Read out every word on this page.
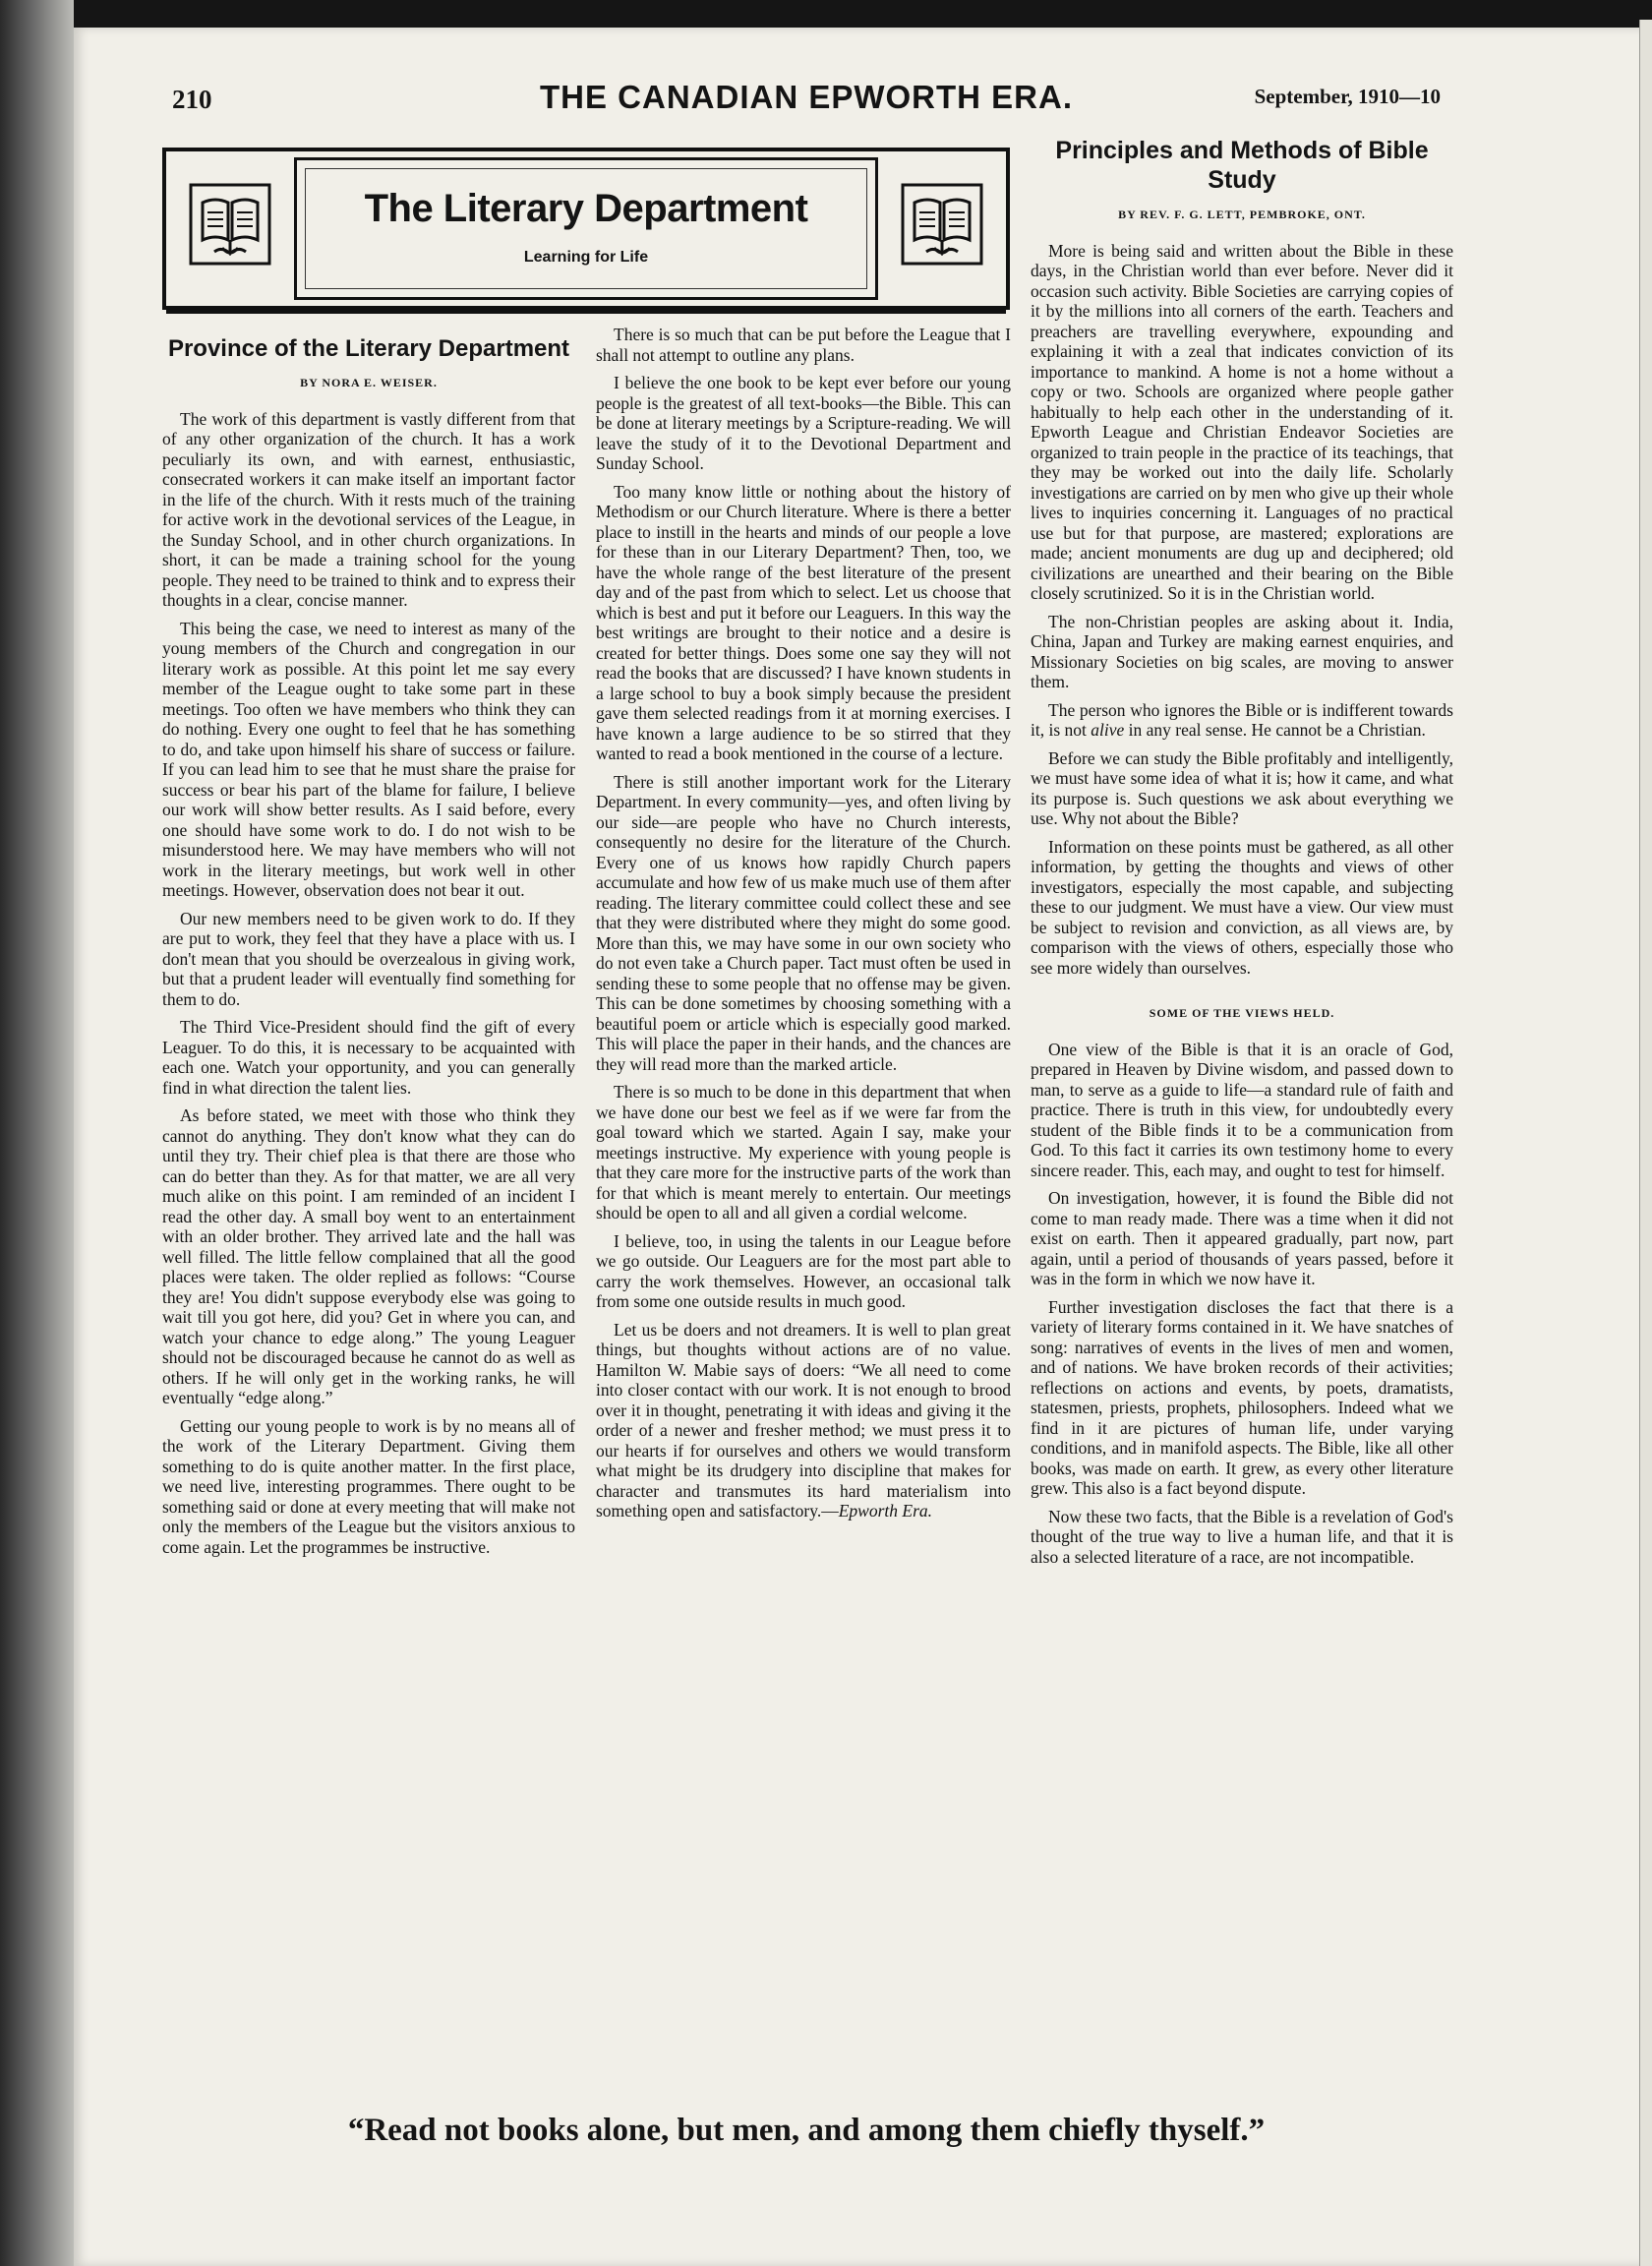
210	THE CANADIAN EPWORTH ERA.	September, 1910—10
The Literary Department
Learning for Life
Province of the Literary Department
BY NORA E. WEISER.

The work of this department is vastly different from that of any other organization of the church. It has a work peculiarly its own, and with earnest, enthusiastic, consecrated workers it can make itself an important factor in the life of the church. With it rests much of the training for active work in the devotional services of the League, in the Sunday School, and in other church organizations. In short, it can be made a training school for the young people. They need to be trained to think and to express their thoughts in a clear, concise manner.

This being the case, we need to interest as many of the young members of the Church and congregation in our literary work as possible. At this point let me say every member of the League ought to take some part in these meetings. Too often we have members who think they can do nothing. Every one ought to feel that he has something to do, and take upon himself his share of success or failure. If you can lead him to see that he must share the praise for success or bear his part of the blame for failure, I believe our work will show better results. As I said before, every one should have some work to do. I do not wish to be misunderstood here. We may have members who will not work in the literary meetings, but work well in other meetings. However, observation does not bear it out.

Our new members need to be given work to do. If they are put to work, they feel that they have a place with us. I don't mean that you should be overzealous in giving work, but that a prudent leader will eventually find something for them to do.

The Third Vice-President should find the gift of every Leaguer. To do this, it is necessary to be acquainted with each one. Watch your opportunity, and you can generally find in what direction the talent lies.

As before stated, we meet with those who think they cannot do anything. They don't know what they can do until they try. Their chief plea is that there are those who can do better than they. As for that matter, we are all very much alike on this point. I am reminded of an incident I read the other day. A small boy went to an entertainment with an older brother. They arrived late and the hall was well filled. The little fellow complained that all the good places were taken. The older replied as follows: “Course they are! You didn't suppose everybody else was going to wait till you got here, did you? Get in where you can, and watch your chance to edge along.” The young Leaguer should not be discouraged because he cannot do as well as others. If he will only get in the working ranks, he will eventually “edge along.”

Getting our young people to work is by no means all of the work of the Literary Department. Giving them something to do is quite another matter. In the first place, we need live, interesting programmes. There ought to be something said or done at every meeting that will make not only the members of the League but the visitors anxious to come again. Let the programmes be instructive.

There is so much that can be put before the League that I shall not attempt to outline any plans.

I believe the one book to be kept ever before our young people is the greatest of all text-books—the Bible. This can be done at literary meetings by a Scripture-reading. We will leave the study of it to the Devotional Department and Sunday School.

Too many know little or nothing about the history of Methodism or our Church literature. Where is there a better place to instill in the hearts and minds of our people a love for these than in our Literary Department? Then, too, we have the whole range of the best literature of the present day and of the past from which to select. Let us choose that which is best and put it before our Leaguers. In this way the best writings are brought to their notice and a desire is created for better things. Does some one say they will not read the books that are discussed? I have known students in a large school to buy a book simply because the president gave them selected readings from it at morning exercises. I have known a large audience to be so stirred that they wanted to read a book mentioned in the course of a lecture.

There is still another important work for the Literary Department. In every community—yes, and often living by our side—are people who have no Church interests, consequently no desire for the literature of the Church. Every one of us knows how rapidly Church papers accumulate and how few of us make much use of them after reading. The literary committee could collect these and see that they were distributed where they might do some good. More than this, we may have some in our own society who do not even take a Church paper. Tact must often be used in sending these to some people that no offense may be given. This can be done sometimes by choosing something with a beautiful poem or article which is especially good marked. This will place the paper in their hands, and the chances are they will read more than the marked article.

There is so much to be done in this department that when we have done our best we feel as if we were far from the goal toward which we started. Again I say, make your meetings instructive. My experience with young people is that they care more for the instructive parts of the work than for that which is meant merely to entertain. Our meetings should be open to all and all given a cordial welcome.

I believe, too, in using the talents in our League before we go outside. Our Leaguers are for the most part able to carry the work themselves. However, an occasional talk from some one outside results in much good.

Let us be doers and not dreamers. It is well to plan great things, but thoughts without actions are of no value. Hamilton W. Mabie says of doers: “We all need to come into closer contact with our work. It is not enough to brood over it in thought, penetrating it with ideas and giving it the order of a newer and fresher method; we must press it to our hearts if for ourselves and others we would transform what might be its drudgery into discipline that makes for character and transmutes its hard materialism into something open and satisfactory.—Epworth Era.

Principles and Methods of Bible Study
BY REV. F. G. LETT, PEMBROKE, ONT.

More is being said and written about the Bible in these days, in the Christian world than ever before. Never did it occasion such activity. Bible Societies are carrying copies of it by the millions into all corners of the earth. Teachers and preachers are travelling everywhere, expounding and explaining it with a zeal that indicates conviction of its importance to mankind. A home is not a home without a copy or two. Schools are organized where people gather habitually to help each other in the understanding of it. Epworth League and Christian Endeavor Societies are organized to train people in the practice of its teachings, that they may be worked out into the daily life. Scholarly investigations are carried on by men who give up their whole lives to inquiries concerning it. Languages of no practical use but for that purpose, are mastered; explorations are made; ancient monuments are dug up and deciphered; old civilizations are unearthed and their bearing on the Bible closely scrutinized. So it is in the Christian world.

The non-Christian peoples are asking about it. India, China, Japan and Turkey are making earnest enquiries, and Missionary Societies on big scales, are moving to answer them.

The person who ignores the Bible or is indifferent towards it, is not alive in any real sense. He cannot be a Christian.

Before we can study the Bible profitably and intelligently, we must have some idea of what it is; how it came, and what its purpose is. Such questions we ask about everything we use. Why not about the Bible?

Information on these points must be gathered, as all other information, by getting the thoughts and views of other investigators, especially the most capable, and subjecting these to our judgment. We must have a view. Our view must be subject to revision and conviction, as all views are, by comparison with the views of others, especially those who see more widely than ourselves.

SOME OF THE VIEWS HELD.

One view of the Bible is that it is an oracle of God, prepared in Heaven by Divine wisdom, and passed down to man, to serve as a guide to life—a standard rule of faith and practice. There is truth in this view, for undoubtedly every student of the Bible finds it to be a communication from God. To this fact it carries its own testimony home to every sincere reader. This, each may, and ought to test for himself.

On investigation, however, it is found the Bible did not come to man ready made. There was a time when it did not exist on earth. Then it appeared gradually, part now, part again, until a period of thousands of years passed, before it was in the form in which we now have it.

Further investigation discloses the fact that there is a variety of literary forms contained in it. We have snatches of song: narratives of events in the lives of men and women, and of nations. We have broken records of their activities; reflections on actions and events, by poets, dramatists, statesmen, priests, prophets, philosophers. Indeed what we find in it are pictures of human life, under varying conditions, and in manifold aspects. The Bible, like all other books, was made on earth. It grew, as every other literature grew. This also is a fact beyond dispute.

Now these two facts, that the Bible is a revelation of God's thought of the true way to live a human life, and that it is also a selected literature of a race, are not incompatible.

“Read not books alone, but men, and among them chiefly thyself.”
